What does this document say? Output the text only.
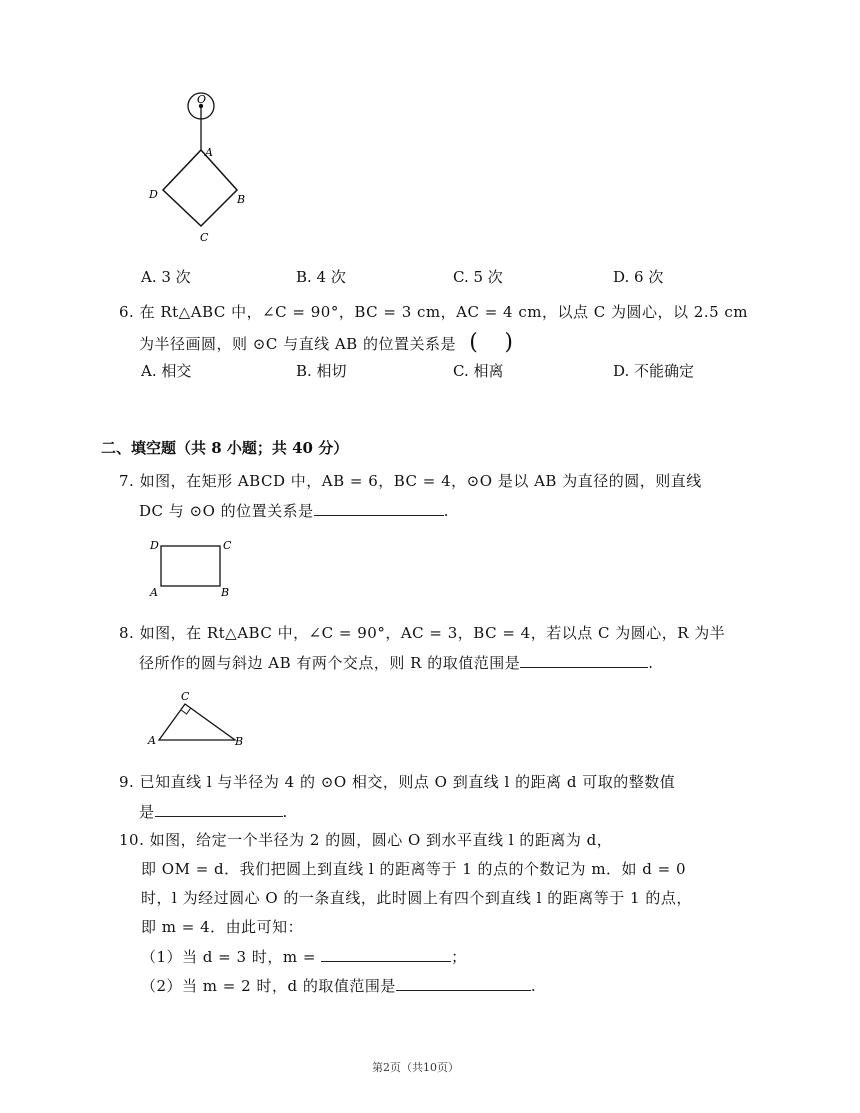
O
A
B
C
D
A. 3 次	B. 4 次	C. 5 次	D. 6 次
6. 在 Rt△ABC 中，∠C = 90°，BC = 3 cm，AC = 4 cm，以点 C 为圆心，以 2.5 cm
为半径画圆，则 ⊙C 与直线 AB 的位置关系是 ( )
A. 相交	B. 相切	C. 相离	D. 不能确定
二、填空题（共 8 小题；共 40 分）
7. 如图，在矩形 ABCD 中，AB = 6，BC = 4，⊙O 是以 AB 为直径的圆，则直线
DC 与 ⊙O 的位置关系是	.
D	C
A	B
8. 如图，在 Rt△ABC 中，∠C = 90°，AC = 3，BC = 4，若以点 C 为圆心，R 为半
径所作的圆与斜边 AB 有两个交点，则 R 的取值范围是	.
C
A	B
9. 已知直线 l 与半径为 4 的 ⊙O 相交，则点 O 到直线 l 的距离 d 可取的整数值
是	.
10. 如图，给定一个半径为 2 的圆，圆心 O 到水平直线 l 的距离为 d，
即 OM = d．我们把圆上到直线 l 的距离等于 1 的点的个数记为 m．如 d = 0
时，l 为经过圆心 O 的一条直线，此时圆上有四个到直线 l 的距离等于 1 的点，
即 m = 4．由此可知：
（1）当 d = 3 时，m =	；
（2）当 m = 2 时，d 的取值范围是	.
第2页（共10页）
